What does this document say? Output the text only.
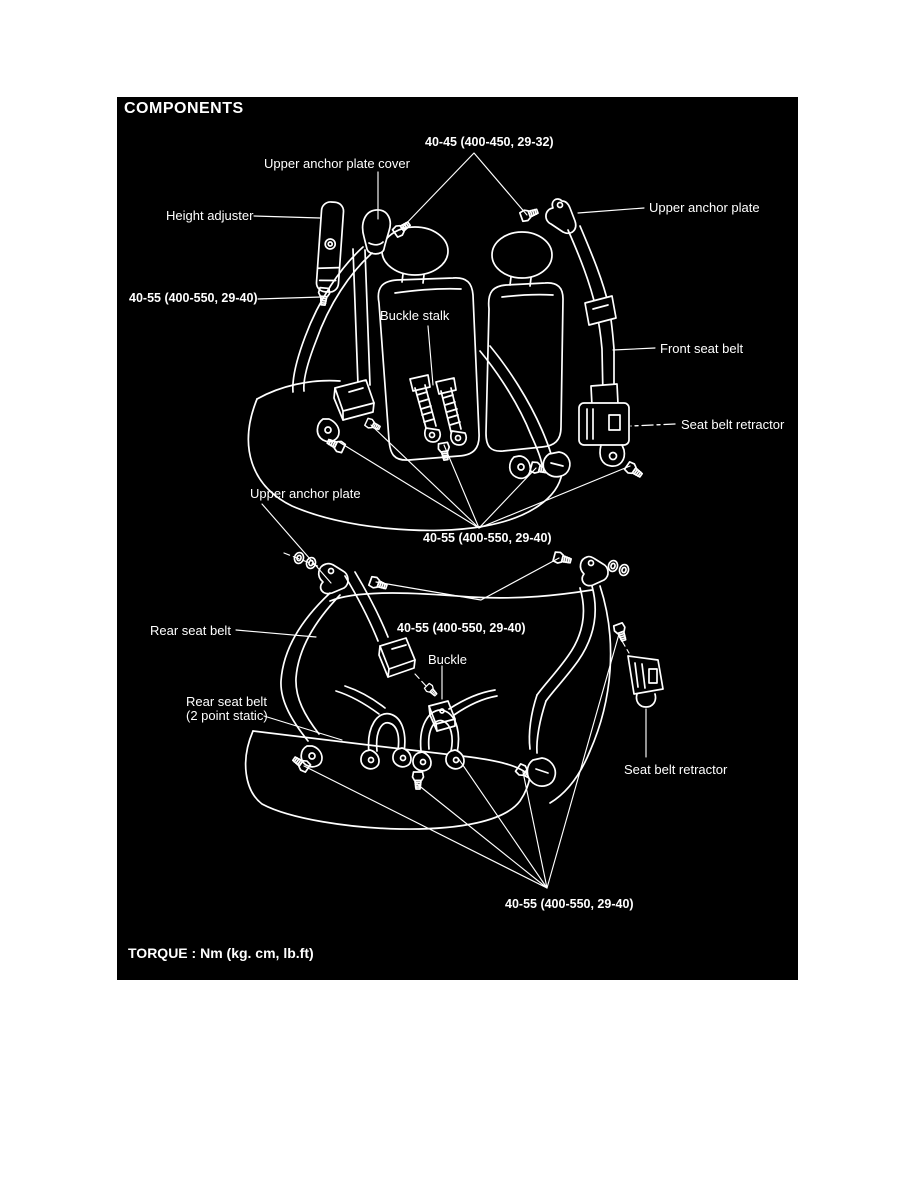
COMPONENTS
40-45 (400-450, 29-32)
Upper anchor plate cover
Height adjuster
Upper anchor plate
40-55 (400-550, 29-40)
Buckle stalk
Front seat belt
Seat belt retractor
Upper anchor plate
40-55 (400-550, 29-40)
Rear seat belt	40-55 (400-550, 29-40)
Buckle
Rear seat belt
(2 point static)
Seat belt retractor
40-55 (400-550, 29-40)
TORQUE : Nm (kg. cm, lb.ft)
